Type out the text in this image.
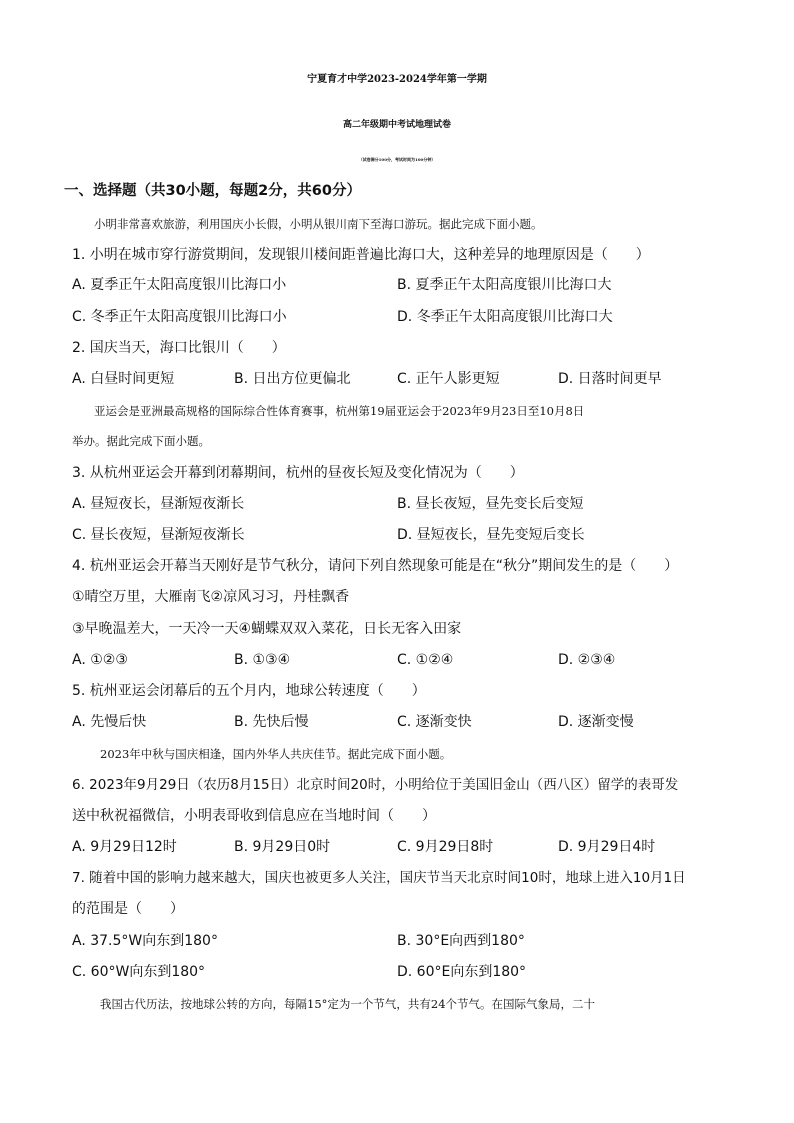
宁夏育才中学2023-2024学年第一学期
高二年级期中考试地理试卷
（试卷满分100分，考试时间为100分钟）
一、选择题（共30小题，每题2分，共60分）
小明非常喜欢旅游，利用国庆小长假，小明从银川南下至海口游玩。据此完成下面小题。
1. 小明在城市穿行游赏期间，发现银川楼间距普遍比海口大，这种差异的地理原因是（　　）
A. 夏季正午太阳高度银川比海口小	B. 夏季正午太阳高度银川比海口大
C. 冬季正午太阳高度银川比海口小	D. 冬季正午太阳高度银川比海口大
2. 国庆当天，海口比银川（　　）
A. 白昼时间更短	B. 日出方位更偏北	C. 正午人影更短	D. 日落时间更早
亚运会是亚洲最高规格的国际综合性体育赛事，杭州第19届亚运会于2023年9月23日至10月8日
举办。据此完成下面小题。
3. 从杭州亚运会开幕到闭幕期间，杭州的昼夜长短及变化情况为（　　）
A. 昼短夜长，昼渐短夜渐长	B. 昼长夜短，昼先变长后变短
C. 昼长夜短，昼渐短夜渐长	D. 昼短夜长，昼先变短后变长
4. 杭州亚运会开幕当天刚好是节气秋分，请问下列自然现象可能是在“秋分”期间发生的是（　　）
①晴空万里，大雁南飞②凉风习习，丹桂飘香
③早晚温差大，一天冷一天④蝴蝶双双入菜花，日长无客入田家
A. ①②③	B. ①③④	C. ①②④	D. ②③④
5. 杭州亚运会闭幕后的五个月内，地球公转速度（　　）
A. 先慢后快	B. 先快后慢	C. 逐渐变快	D. 逐渐变慢
2023年中秋与国庆相逢，国内外华人共庆佳节。据此完成下面小题。
6. 2023年9月29日（农历8月15日）北京时间20时，小明给位于美国旧金山（西八区）留学的表哥发
送中秋祝福微信，小明表哥收到信息应在当地时间（　　）
A. 9月29日12时	B. 9月29日0时	C. 9月29日8时	D. 9月29日4时
7. 随着中国的影响力越来越大，国庆也被更多人关注，国庆节当天北京时间10时，地球上进入10月1日
的范围是（　　）
A. 37.5°W向东到180°	B. 30°E向西到180°
C. 60°W向东到180°	D. 60°E向东到180°
我国古代历法，按地球公转的方向，每隔15°定为一个节气，共有24个节气。在国际气象局，二十
